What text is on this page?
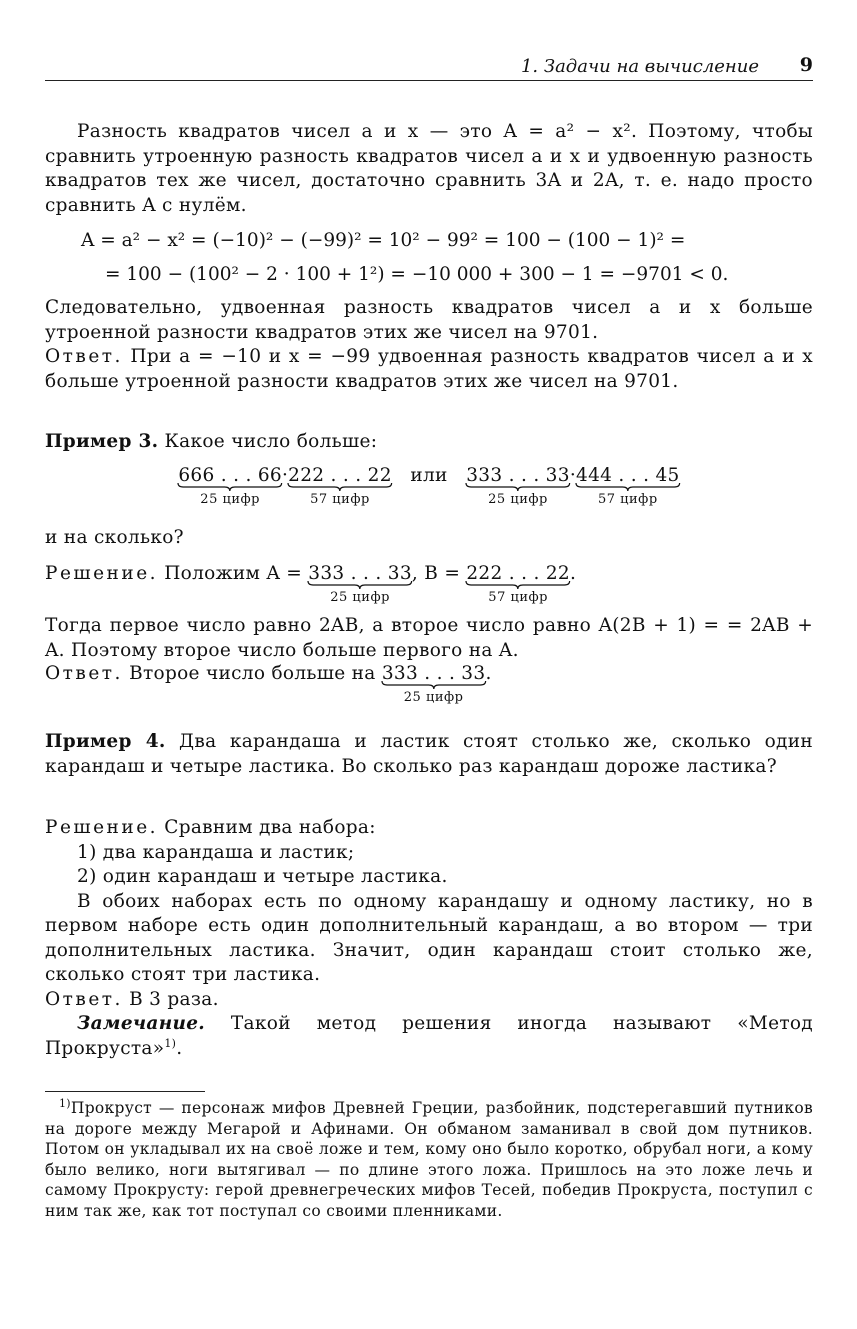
1. Задачи на вычисление 9

Разность квадратов чисел a и x — это A = a² − x². Поэтому, чтобы сравнить утроенную разность квадратов чисел a и x и удвоенную разность квадратов тех же чисел, достаточно сравнить 3A и 2A, т. е. надо просто сравнить A с нулём.

A = a² − x² = (−10)² − (−99)² = 10² − 99² = 100 − (100 − 1)² =
= 100 − (100² − 2 · 100 + 1²) = −10 000 + 300 − 1 = −9701 < 0.

Следовательно, удвоенная разность квадратов чисел a и x больше утроенной разности квадратов этих же чисел на 9701.

Ответ. При a = −10 и x = −99 удвоенная разность квадратов чисел a и x больше утроенной разности квадратов этих же чисел на 9701.

Пример 3. Какое число больше:
666 . . . 66
25 цифр
·222 . . . 22
57 цифр
или 333 . . . 33
25 цифр
·444 . . . 45
57 цифр
и на сколько?
Решение. Положим A = 333 . . . 33
25 цифр
, B = 222 . . . 22
57 цифр
.
Тогда первое число равно 2AB, а второе число равно A(2B + 1) = = 2AB + A. Поэтому второе число больше первого на A.
Ответ. Второе число больше на 333 . . . 33
25 цифр
.
Пример 4. Два карандаша и ластик стоят столько же, сколько один карандаш и четыре ластика. Во сколько раз карандаш дороже ластика?

Решение. Сравним два набора:

1) два карандаша и ластик;

2) один карандаш и четыре ластика.

В обоих наборах есть по одному карандашу и одному ластику, но в первом наборе есть один дополнительный карандаш, а во втором — три дополнительных ластика. Значит, один карандаш стоит столько же, сколько стоят три ластика.

Ответ. В 3 раза.

Замечание. Такой метод решения иногда называют «Метод Прокруста»$^{1)}$.

$^{1)}$Прокруст — персонаж мифов Древней Греции, разбойник, подстерегавший путников на дороге между Мегарой и Афинами. Он обманом заманивал в свой дом путников. Потом он укладывал их на своё ложе и тем, кому оно было коротко, обрубал ноги, а кому было велико, ноги вытягивал — по длине этого ложа. Пришлось на это ложе лечь и самому Прокрусту: герой древнегреческих мифов Тесей, победив Прокруста, поступил с ним так же, как тот поступал со своими пленниками.
